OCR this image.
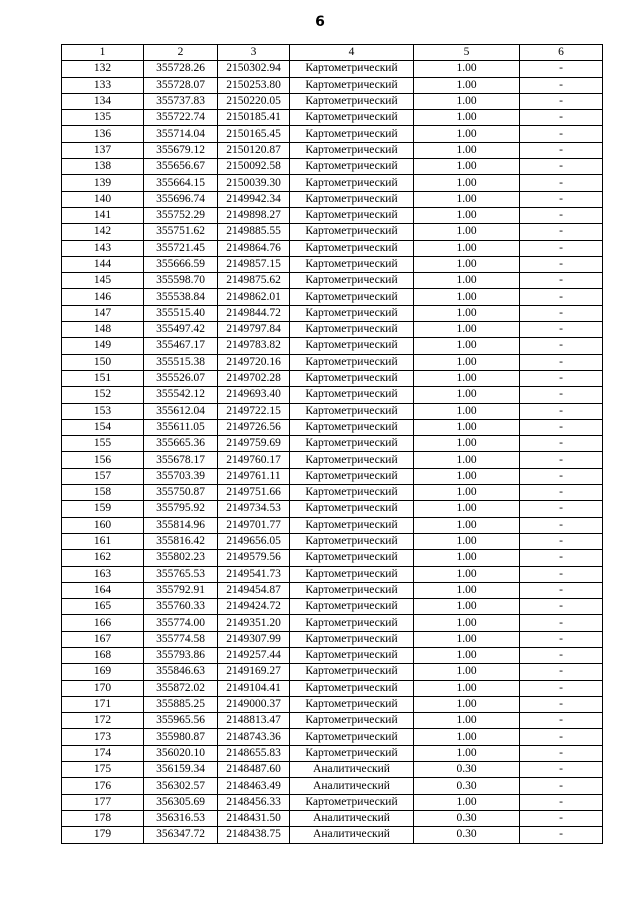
6
1	2	3	4	5	6
132	355728.26	2150302.94	Картометрический	1.00	-
133	355728.07	2150253.80	Картометрический	1.00	-
134	355737.83	2150220.05	Картометрический	1.00	-
135	355722.74	2150185.41	Картометрический	1.00	-
136	355714.04	2150165.45	Картометрический	1.00	-
137	355679.12	2150120.87	Картометрический	1.00	-
138	355656.67	2150092.58	Картометрический	1.00	-
139	355664.15	2150039.30	Картометрический	1.00	-
140	355696.74	2149942.34	Картометрический	1.00	-
141	355752.29	2149898.27	Картометрический	1.00	-
142	355751.62	2149885.55	Картометрический	1.00	-
143	355721.45	2149864.76	Картометрический	1.00	-
144	355666.59	2149857.15	Картометрический	1.00	-
145	355598.70	2149875.62	Картометрический	1.00	-
146	355538.84	2149862.01	Картометрический	1.00	-
147	355515.40	2149844.72	Картометрический	1.00	-
148	355497.42	2149797.84	Картометрический	1.00	-
149	355467.17	2149783.82	Картометрический	1.00	-
150	355515.38	2149720.16	Картометрический	1.00	-
151	355526.07	2149702.28	Картометрический	1.00	-
152	355542.12	2149693.40	Картометрический	1.00	-
153	355612.04	2149722.15	Картометрический	1.00	-
154	355611.05	2149726.56	Картометрический	1.00	-
155	355665.36	2149759.69	Картометрический	1.00	-
156	355678.17	2149760.17	Картометрический	1.00	-
157	355703.39	2149761.11	Картометрический	1.00	-
158	355750.87	2149751.66	Картометрический	1.00	-
159	355795.92	2149734.53	Картометрический	1.00	-
160	355814.96	2149701.77	Картометрический	1.00	-
161	355816.42	2149656.05	Картометрический	1.00	-
162	355802.23	2149579.56	Картометрический	1.00	-
163	355765.53	2149541.73	Картометрический	1.00	-
164	355792.91	2149454.87	Картометрический	1.00	-
165	355760.33	2149424.72	Картометрический	1.00	-
166	355774.00	2149351.20	Картометрический	1.00	-
167	355774.58	2149307.99	Картометрический	1.00	-
168	355793.86	2149257.44	Картометрический	1.00	-
169	355846.63	2149169.27	Картометрический	1.00	-
170	355872.02	2149104.41	Картометрический	1.00	-
171	355885.25	2149000.37	Картометрический	1.00	-
172	355965.56	2148813.47	Картометрический	1.00	-
173	355980.87	2148743.36	Картометрический	1.00	-
174	356020.10	2148655.83	Картометрический	1.00	-
175	356159.34	2148487.60	Аналитический	0.30	-
176	356302.57	2148463.49	Аналитический	0.30	-
177	356305.69	2148456.33	Картометрический	1.00	-
178	356316.53	2148431.50	Аналитический	0.30	-
179	356347.72	2148438.75	Аналитический	0.30	-
